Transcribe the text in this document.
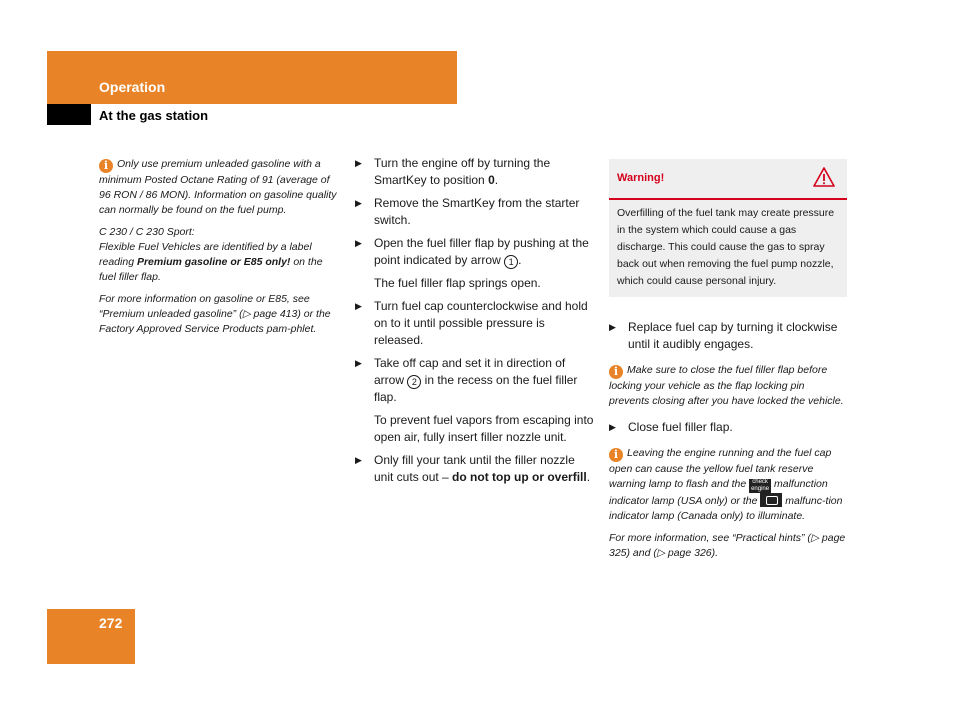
Operation
At the gas station

i Only use premium unleaded gasoline with a minimum Posted Octane Rating of 91 (average of 96 RON / 86 MON). Information on gasoline quality can normally be found on the fuel pump.

C 230 / C 230 Sport:
Flexible Fuel Vehicles are identified by a label reading Premium gasoline or E85 only! on the fuel filler flap.

For more information on gasoline or E85, see “Premium unleaded gasoline” (▷ page 413) or the Factory Approved Service Products pam-phlet.

▶ Turn the engine off by turning the SmartKey to position 0.
▶ Remove the SmartKey from the starter switch.
▶ Open the fuel filler flap by pushing at the point indicated by arrow 1 .
The fuel filler flap springs open.
▶ Turn fuel cap counterclockwise and hold on to it until possible pressure is released.
▶ Take off cap and set it in direction of arrow 2 in the recess on the fuel filler flap.
To prevent fuel vapors from escaping into open air, fully insert filler nozzle unit.
▶ Only fill your tank until the filler nozzle unit cuts out – do not top up or overfill.
Warning!
Overfilling of the fuel tank may create pressure in the system which could cause a gas discharge. This could cause the gas to spray back out when removing the fuel pump nozzle, which could cause personal injury.
▶ Replace fuel cap by turning it clockwise until it audibly engages.
i Make sure to close the fuel filler flap before locking your vehicle as the flap locking pin prevents closing after you have locked the vehicle.
▶ Close fuel filler flap.

i Leaving the engine running and the fuel cap open can cause the yellow fuel tank reserve warning lamp to flash and the check engine malfunction indicator lamp (USA only) or the
malfunc-tion indicator lamp (Canada only) to illuminate.

For more information, see “Practical hints” (▷ page 325) and (▷ page 326).

272
